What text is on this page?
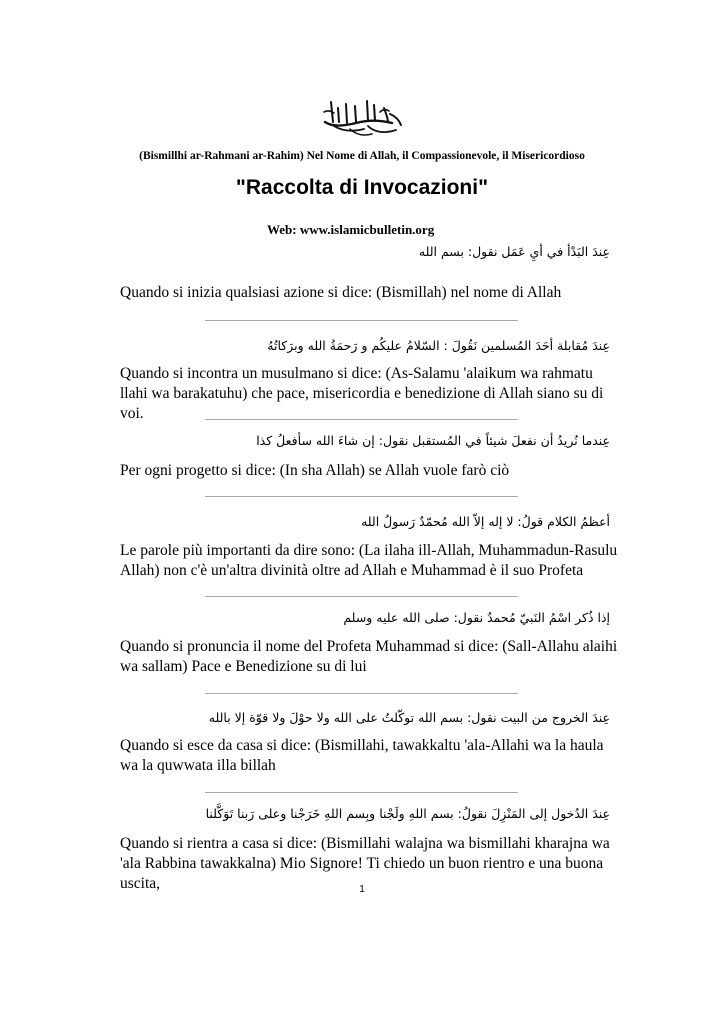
(Bismillhi ar-Rahmani ar-Rahim) Nel Nome di Allah, il Compassionevole, il Misericordioso
"Raccolta di Invocazioni"
Web: www.islamicbulletin.org
عِندَ البَدْأ في أيِ عَمَل نقول: بسم الله
Quando si inizia qualsiasi azione si dice: (Bismillah) nel nome di Allah
عِندَ مُقابلة أحَدَ المُسلمين نَقُولَ : السّلامُ عليكُم و رَحمَةُ الله وبرَكاتُهُ
Quando si incontra un musulmano si dice: (As-Salamu 'alaikum wa rahmatu llahi wa barakatuhu) che pace, misericordia e benedizione di Allah siano su di voi.
عِندما نُريدُ أن نفعلَ شيئاً في المُستقبل نقول: إن شاءَ الله سأفعلُ كذا
Per ogni progetto si dice: (In sha Allah) se Allah vuole farò ciò
أعظمُ الكلام قولُ: لا إله إلاّ الله مُحمّدٌ رَسولُ الله
Le parole più importanti da dire sono: (La ilaha ill-Allah, Muhammadun-Rasulu Allah) non c'è un'altra divinità oltre ad Allah e Muhammad è il suo Profeta
إذا ذُكر اسْمُ النَبيّ مُحمدٌ نقول: صلى الله عليه وسلم
Quando si pronuncia il nome del Profeta Muhammad si dice: (Sall-Allahu alaihi wa sallam) Pace e Benedizione su di lui
عِندَ الخروج من البيت نقول: بسم الله توكّلتُ على الله ولا حوْلَ ولا قوّة إلا بالله
Quando si esce da casa si dice: (Bismillahi, tawakkaltu 'ala-Allahi wa la haula wa la quwwata illa billah
عِندَ الدُخول إلى المَنْزِلَ نقولُ: بسم اللهِ ولَجْنا وبِسم اللهِ خَرَجْنا وعلى رَبنا تَوَكَّلنا
Quando si rientra a casa si dice: (Bismillahi walajna wa bismillahi kharajna wa 'ala Rabbina tawakkalna) Mio Signore! Ti chiedo un buon rientro e una buona uscita,	1
